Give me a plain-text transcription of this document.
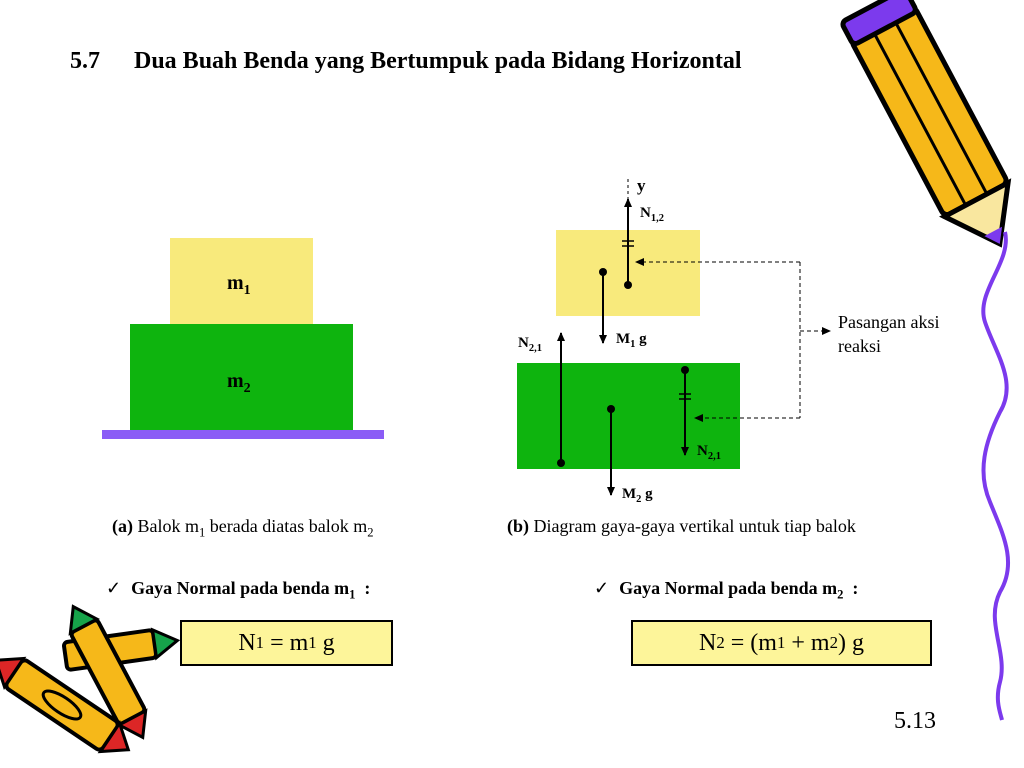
5.7 Dua Buah Benda yang Bertumpuk pada Bidang Horizontal
$m_1$
$m_2$
y
$N_{1,2}$
$M_1$ g
$N_{2,1}$
$N_{2,1}$
$M_2$ g
Pasangan aksi
reaksi
(a) Balok $m_1$ berada diatas balok $m_2$	(b) Diagram gaya-gaya vertikal untuk tiap balok
✓ Gaya Normal pada benda $m_1$  :	✓ Gaya Normal pada benda $m_2$  :
N 1 = m 1 g	N 2 = (m 1 + m 2 ) g
5.13
